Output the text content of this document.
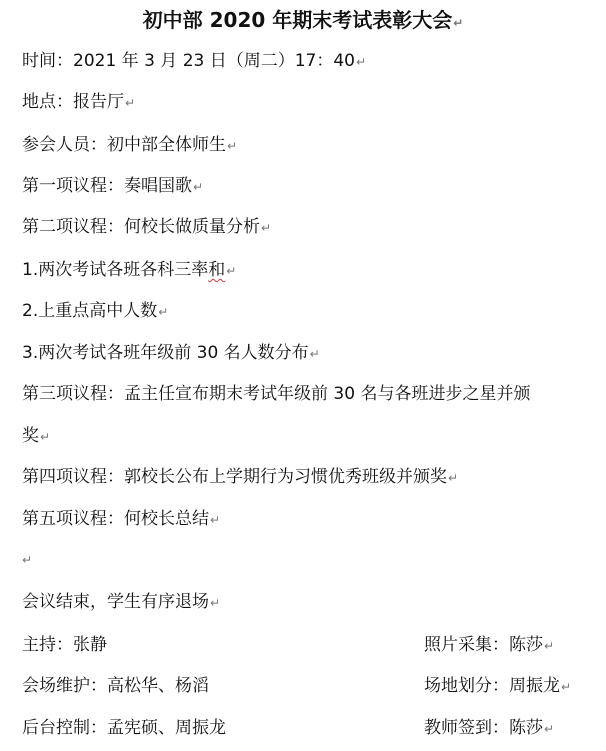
初中部 2020 年期末考试表彰大会↵
时间：2021 年 3 月 23 日（周二）17：40↵
地点：报告厅↵
参会人员：初中部全体师生↵
第一项议程：奏唱国歌↵
第二项议程：何校长做质量分析↵
1.两次考试各班各科三率和↵
2.上重点高中人数↵
3.两次考试各班年级前 30 名人数分布↵
第三项议程：孟主任宣布期末考试年级前 30 名与各班进步之星并颁
奖↵
第四项议程：郭校长公布上学期行为习惯优秀班级并颁奖↵
第五项议程：何校长总结↵
↵
会议结束，学生有序退场↵
主持：张静	照片采集：陈莎↵
会场维护：高松华、杨滔	场地划分：周振龙↵
后台控制：孟宪硕、周振龙	教师签到：陈莎↵
